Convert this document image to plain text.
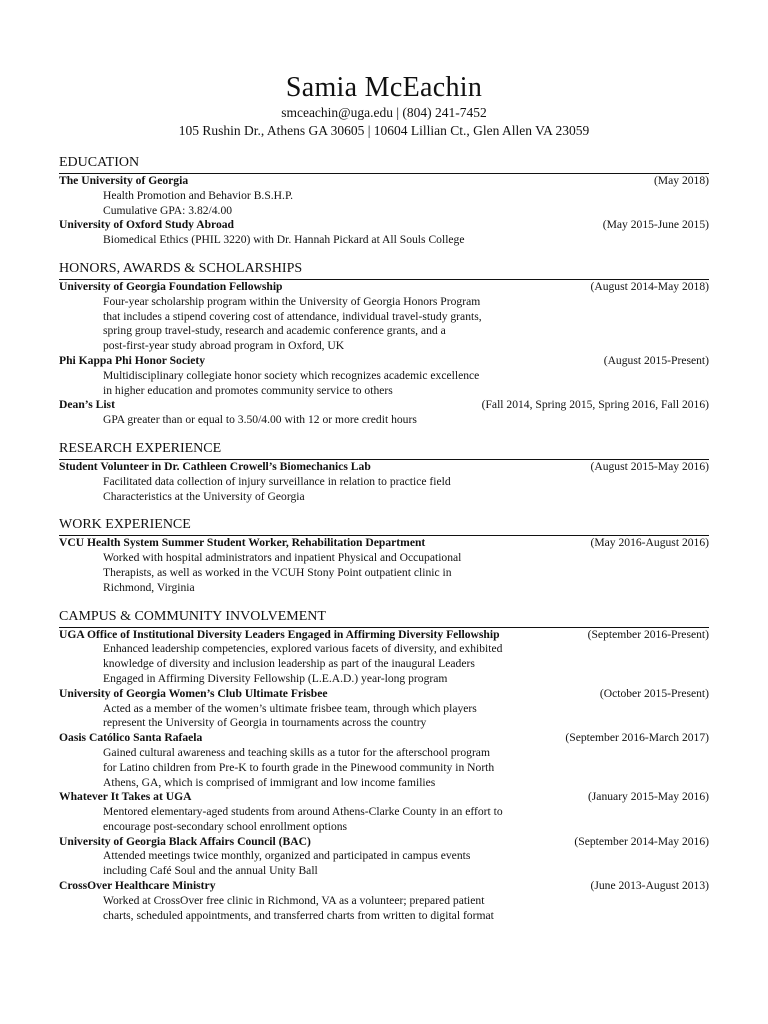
Samia McEachin
smceachin@uga.edu | (804) 241-7452
105 Rushin Dr., Athens GA 30605 | 10604 Lillian Ct., Glen Allen VA 23059
EDUCATION
The University of Georgia	(May 2018)
Health Promotion and Behavior B.S.H.P.
Cumulative GPA: 3.82/4.00
University of Oxford Study Abroad	(May 2015-June 2015)
Biomedical Ethics (PHIL 3220) with Dr. Hannah Pickard at All Souls College
HONORS, AWARDS & SCHOLARSHIPS
University of Georgia Foundation Fellowship	(August 2014-May 2018)
Four-year scholarship program within the University of Georgia Honors Program
that includes a stipend covering cost of attendance, individual travel-study grants,
spring group travel-study, research and academic conference grants, and a
post-first-year study abroad program in Oxford, UK
Phi Kappa Phi Honor Society	(August 2015-Present)
Multidisciplinary collegiate honor society which recognizes academic excellence
in higher education and promotes community service to others
Dean’s List	(Fall 2014, Spring 2015, Spring 2016, Fall 2016)
GPA greater than or equal to 3.50/4.00 with 12 or more credit hours
RESEARCH EXPERIENCE
Student Volunteer in Dr. Cathleen Crowell’s Biomechanics Lab	(August 2015-May 2016)
Facilitated data collection of injury surveillance in relation to practice field
Characteristics at the University of Georgia
WORK EXPERIENCE
VCU Health System Summer Student Worker, Rehabilitation Department	(May 2016-August 2016)
Worked with hospital administrators and inpatient Physical and Occupational
Therapists, as well as worked in the VCUH Stony Point outpatient clinic in
Richmond, Virginia
CAMPUS & COMMUNITY INVOLVEMENT
UGA Office of Institutional Diversity Leaders Engaged in Affirming Diversity Fellowship	(September 2016-Present)
Enhanced leadership competencies, explored various facets of diversity, and exhibited
knowledge of diversity and inclusion leadership as part of the inaugural Leaders
Engaged in Affirming Diversity Fellowship (L.E.A.D.) year-long program
University of Georgia Women’s Club Ultimate Frisbee	(October 2015-Present)
Acted as a member of the women’s ultimate frisbee team, through which players
represent the University of Georgia in tournaments across the country
Oasis Católico Santa Rafaela	(September 2016-March 2017)
Gained cultural awareness and teaching skills as a tutor for the afterschool program
for Latino children from Pre-K to fourth grade in the Pinewood community in North
Athens, GA, which is comprised of immigrant and low income families
Whatever It Takes at UGA	(January 2015-May 2016)
Mentored elementary-aged students from around Athens-Clarke County in an effort to
encourage post-secondary school enrollment options
University of Georgia Black Affairs Council (BAC)	(September 2014-May 2016)
Attended meetings twice monthly, organized and participated in campus events
including Café Soul and the annual Unity Ball
CrossOver Healthcare Ministry	(June 2013-August 2013)
Worked at CrossOver free clinic in Richmond, VA as a volunteer; prepared patient
charts, scheduled appointments, and transferred charts from written to digital format
